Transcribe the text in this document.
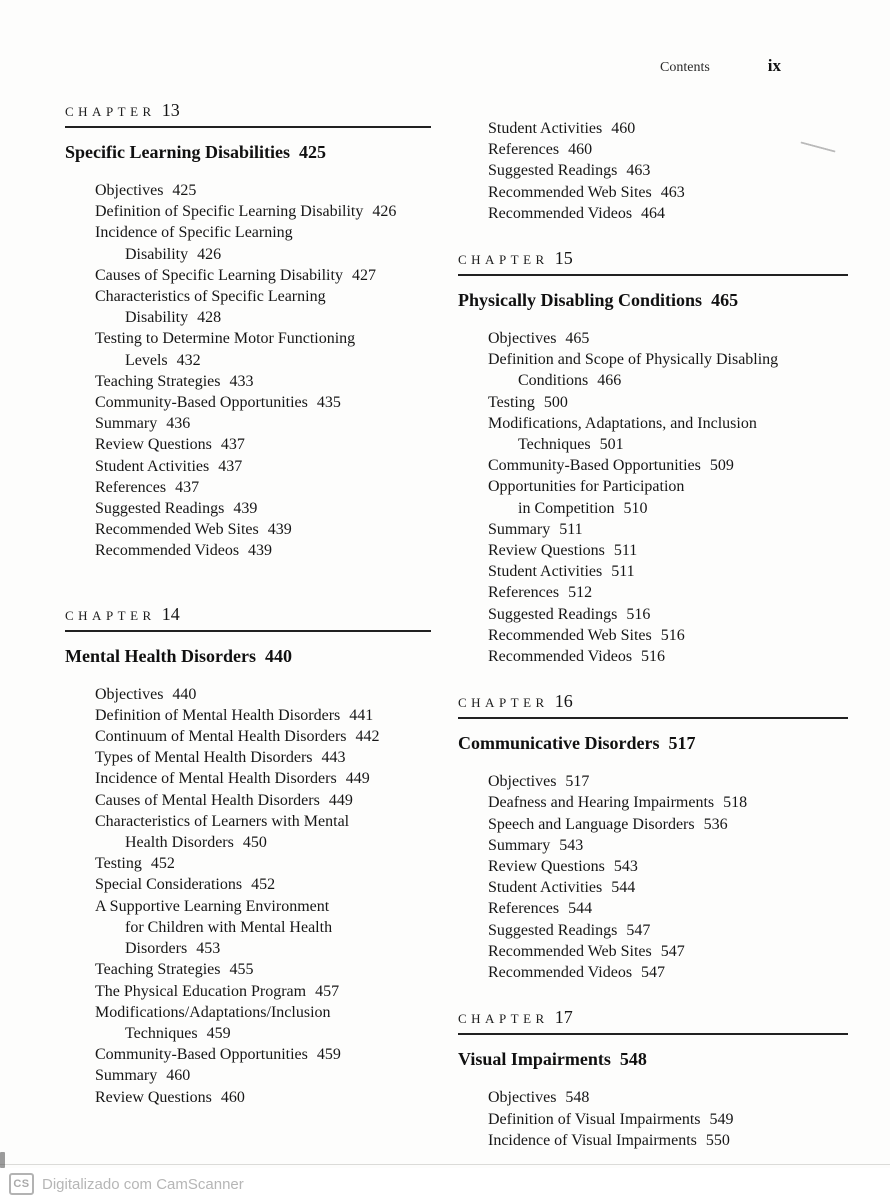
Contents	ix
CHAPTER 13
Specific Learning Disabilities 425
Objectives 425
Definition of Specific Learning Disability 426
Incidence of Specific Learning
Disability 426
Causes of Specific Learning Disability 427
Characteristics of Specific Learning
Disability 428
Testing to Determine Motor Functioning
Levels 432
Teaching Strategies 433
Community-Based Opportunities 435
Summary 436
Review Questions 437
Student Activities 437
References 437
Suggested Readings 439
Recommended Web Sites 439
Recommended Videos 439
CHAPTER 14
Mental Health Disorders 440
Objectives 440
Definition of Mental Health Disorders 441
Continuum of Mental Health Disorders 442
Types of Mental Health Disorders 443
Incidence of Mental Health Disorders 449
Causes of Mental Health Disorders 449
Characteristics of Learners with Mental
Health Disorders 450
Testing 452
Special Considerations 452
A Supportive Learning Environment
for Children with Mental Health
Disorders 453
Teaching Strategies 455
The Physical Education Program 457
Modifications/Adaptations/Inclusion
Techniques 459
Community-Based Opportunities 459
Summary 460
Review Questions 460
Student Activities 460
References 460
Suggested Readings 463
Recommended Web Sites 463
Recommended Videos 464
CHAPTER 15
Physically Disabling Conditions 465
Objectives 465
Definition and Scope of Physically Disabling
Conditions 466
Testing 500
Modifications, Adaptations, and Inclusion
Techniques 501
Community-Based Opportunities 509
Opportunities for Participation
in Competition 510
Summary 511
Review Questions 511
Student Activities 511
References 512
Suggested Readings 516
Recommended Web Sites 516
Recommended Videos 516
CHAPTER 16
Communicative Disorders 517
Objectives 517
Deafness and Hearing Impairments 518
Speech and Language Disorders 536
Summary 543
Review Questions 543
Student Activities 544
References 544
Suggested Readings 547
Recommended Web Sites 547
Recommended Videos 547
CHAPTER 17
Visual Impairments 548
Objectives 548
Definition of Visual Impairments 549
Incidence of Visual Impairments 550
CS Digitalizado com CamScanner
